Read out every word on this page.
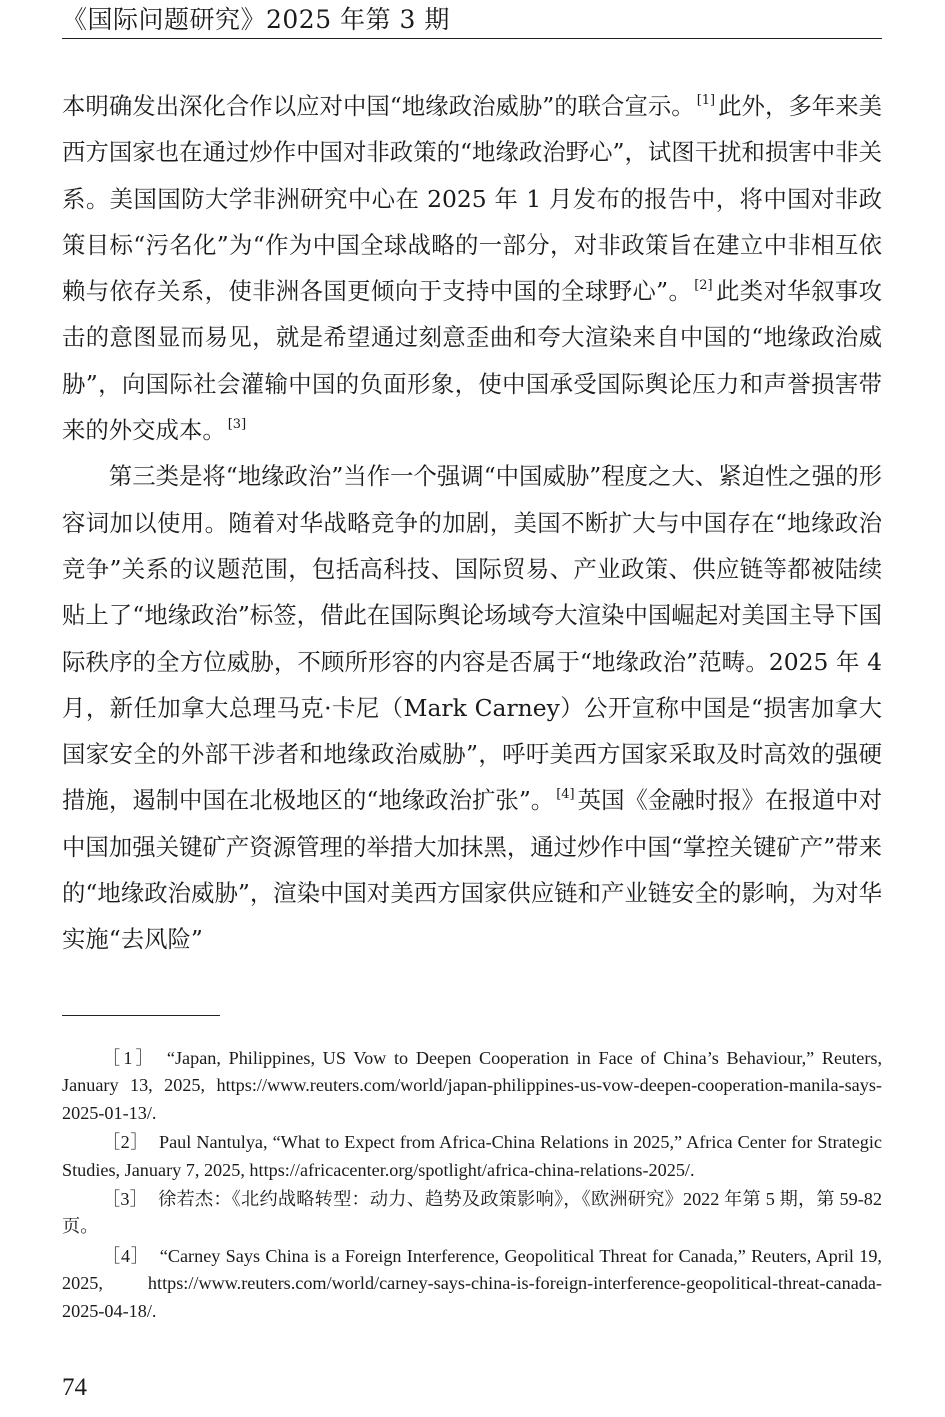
《国际问题研究》2025 年第 3 期

本明确发出深化合作以应对中国“地缘政治威胁”的联合宣示。 [1] 此外，多年来美西方国家也在通过炒作中国对非政策的“地缘政治野心”，试图干扰和损害中非关系。美国国防大学非洲研究中心在 2025 年 1 月发布的报告中，将中国对非政策目标“污名化”为“作为中国全球战略的一部分，对非政策旨在建立中非相互依赖与依存关系，使非洲各国更倾向于支持中国的全球野心”。 [2] 此类对华叙事攻击的意图显而易见，就是希望通过刻意歪曲和夸大渲染来自中国的“地缘政治威胁”，向国际社会灌输中国的负面形象，使中国承受国际舆论压力和声誉损害带来的外交成本。 [3]

第三类是将“地缘政治”当作一个强调“中国威胁”程度之大、紧迫性之强的形容词加以使用。随着对华战略竞争的加剧，美国不断扩大与中国存在“地缘政治竞争”关系的议题范围，包括高科技、国际贸易、产业政策、供应链等都被陆续贴上了“地缘政治”标签，借此在国际舆论场域夸大渲染中国崛起对美国主导下国际秩序的全方位威胁，不顾所形容的内容是否属于“地缘政治”范畴。2025 年 4 月，新任加拿大总理马克·卡尼（Mark Carney）公开宣称中国是“损害加拿大国家安全的外部干涉者和地缘政治威胁”，呼吁美西方国家采取及时高效的强硬措施，遏制中国在北极地区的“地缘政治扩张”。 [4] 英国《金融时报》在报道中对中国加强关键矿产资源管理的举措大加抹黑，通过炒作中国“掌控关键矿产”带来的“地缘政治威胁”，渲染中国对美西方国家供应链和产业链安全的影响，为对华实施“去风险”

［1］ “Japan, Philippines, US Vow to Deepen Cooperation in Face of China’s Behaviour,” Reuters, January 13, 2025, https://www.reuters.com/world/japan-philippines-us-vow-deepen-cooperation-manila-says-2025-01-13/.

［2］ Paul Nantulya, “What to Expect from Africa-China Relations in 2025,” Africa Center for Strategic Studies, January 7, 2025, https://africacenter.org/spotlight/africa-china-relations-2025/.

［3］ 徐若杰：《北约战略转型：动力、趋势及政策影响》，《欧洲研究》2022 年第 5 期，第 59-82 页。

［4］ “Carney Says China is a Foreign Interference, Geopolitical Threat for Canada,” Reuters, April 19, 2025, https://www.reuters.com/world/carney-says-china-is-foreign-interference-geopolitical-threat-canada-2025-04-18/.

74
